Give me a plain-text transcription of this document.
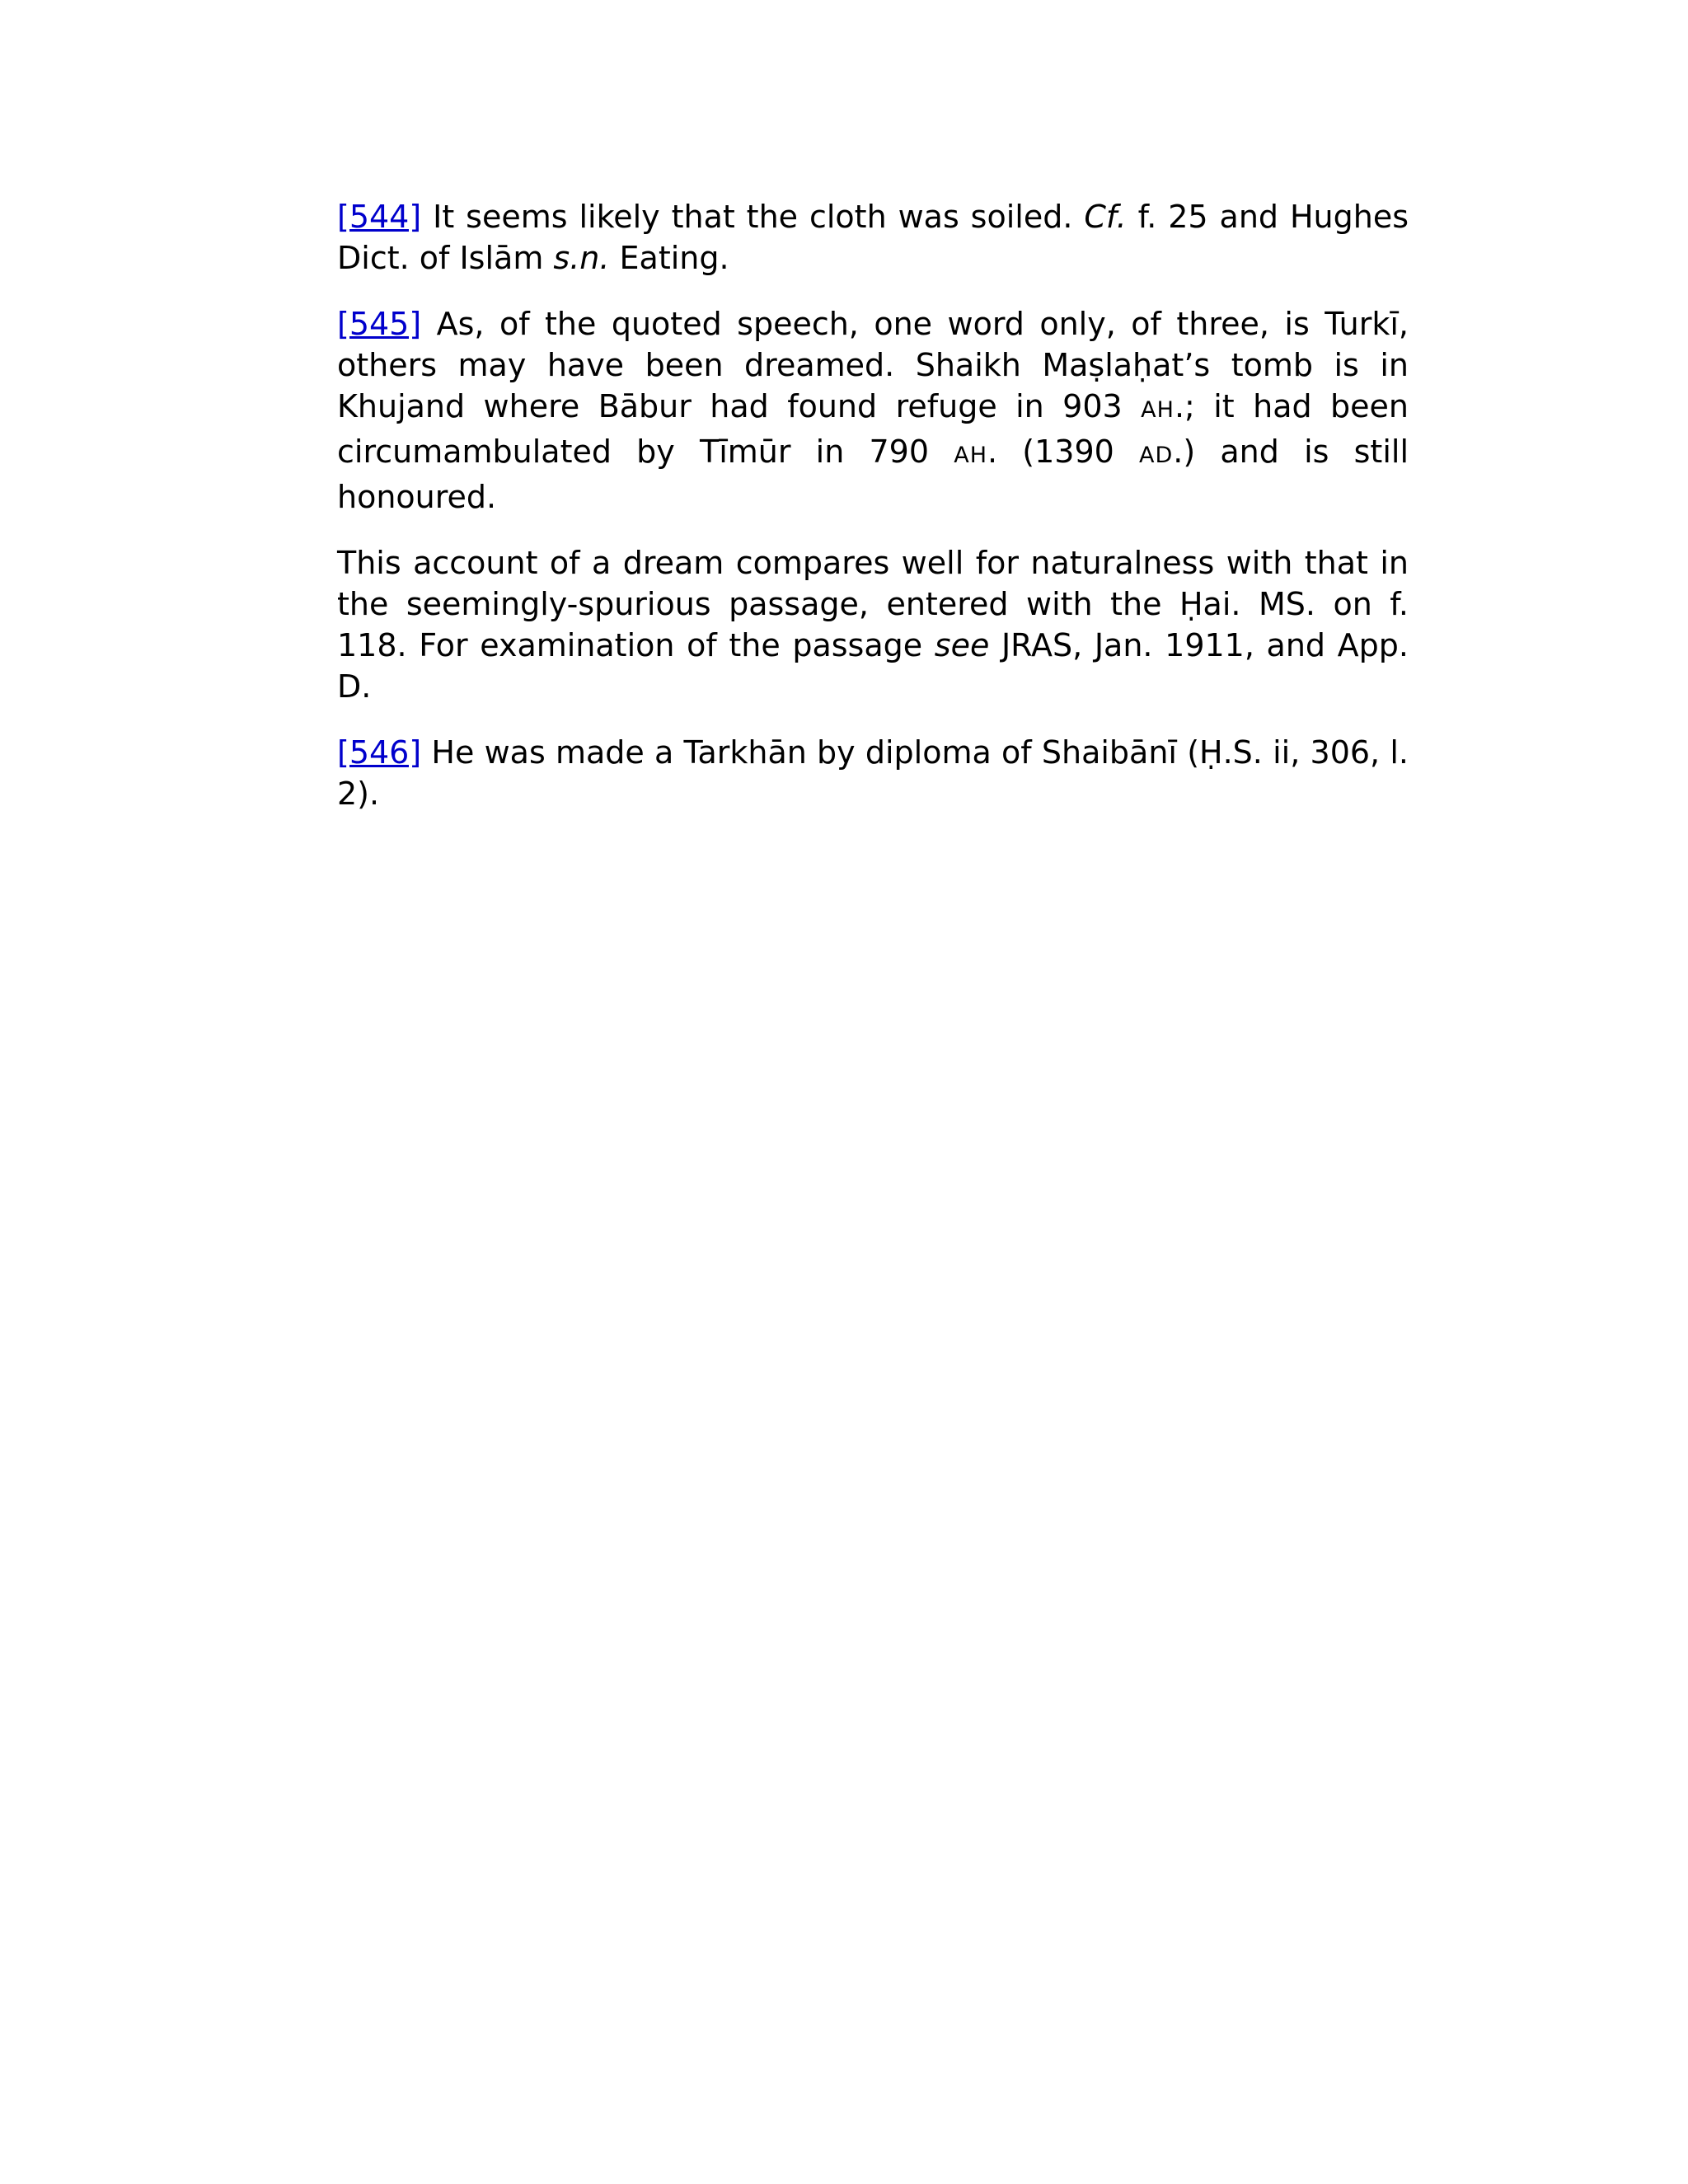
[544] It seems likely that the cloth was soiled. Cf. f. 25 and Hughes Dict. of Islām s.n. Eating.

[545] As, of the quoted speech, one word only, of three, is Turkī, others may have been dreamed. Shaikh Maṣlaḥat’s tomb is in Khujand where Bābur had found refuge in 903 AH.; it had been circumambulated by Tīmūr in 790 AH. (1390 AD.) and is still honoured.

This account of a dream compares well for naturalness with that in the seemingly-spurious passage, entered with the Ḥai. MS. on f. 118. For examination of the passage see JRAS, Jan. 1911, and App. D.

[546] He was made a Tarkhān by diploma of Shaibānī (Ḥ.S. ii, 306, l. 2).
